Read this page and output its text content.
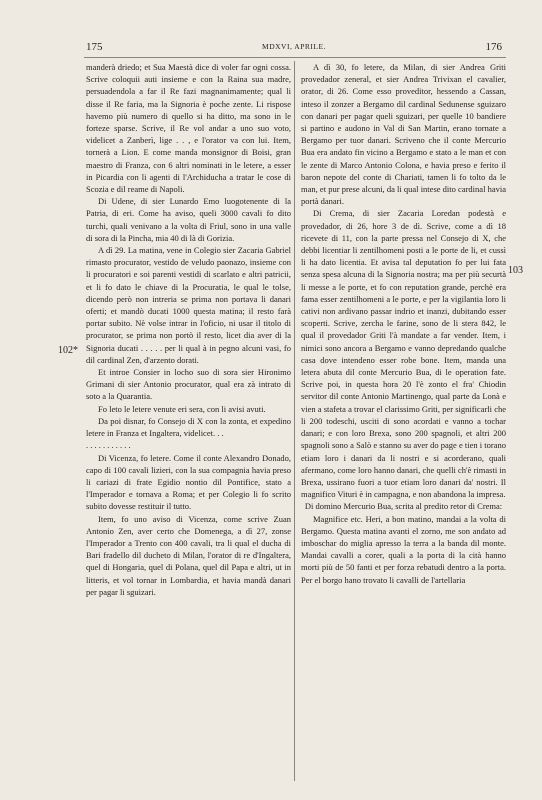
175	MDXVI, APRILE.	176
102*
103

manderà driedo; et Sua Maestà dice di voler far ogni cossa. Scrive coloquii auti insieme e con la Raina sua madre, persuadendola a far il Re fazi magnanimamente; qual li disse il Re faria, ma la Signoria è poche zente. Li rispose havemo più numero di quello si ha ditto, ma sono in le forteze sparse. Scrive, il Re vol andar a uno suo voto, videlicet a Zanberì, lige . . , e l'orator va con lui. Item, tornerà a Lion. E come manda monsignor di Boisi, gran maestro di Franza, con 6 altri nominati in le letere, a esser in Picardia con li agenti di l'Archiducha a tratar le cose di Scozia e dil reame di Napoli.

Di Udene, di sier Lunardo Emo luogotenente di la Patria, di eri. Come ha aviso, queli 3000 cavali fo dito turchi, quali venivano a la volta di Friul, sono in una valle di sora di la Pincha, mia 40 di là di Gorizia.

A dì 29. La matina, vene in Colegio sier Zacaria Gabriel rimasto procurator, vestido de veludo paonazo, insieme con li procuratori e soi parenti vestidi di scarlato e altri patricii, et li fo dato le chiave di la Procuratia, le qual le tolse, dicendo però non intreria se prima non portava li danari oferti; et mandò ducati 1000 questa matina; il resto farà portar subito. Nè volse intrar in l'oficio, ni usar il titolo di procurator, se prima non portò il resto, licet dia aver di la Signoria ducati . . . . . per li qual à in pegno alcuni vasi, fo dil cardinal Zen, d'arzento dorati.

Et introe Consier in locho suo di sora sier Hironimo Grimani di sier Antonio procurator, qual era zà intrato di soto a la Quarantia.

Fo leto le letere venute eri sera, con li avisi avuti.

Da poi disnar, fo Consejo di X con la zonta, et expedino letere in Franza et Ingaltera, videlicet. . .

. . . . . . . . . . .

Di Vicenza, fo letere. Come il conte Alexandro Donado, capo di 100 cavali lizieri, con la sua compagnia havia preso li cariazi di frate Egidio nontio dil Pontifice, stato a l'Imperador e tornava a Roma; et per Colegio li fo scrito subito dovesse restituir il tutto.

Item, fo uno aviso di Vicenza, come scrive Zuan Antonio Zen, aver certo che Domenega, a dì 27, zonse l'Imperador a Trento con 400 cavali, tra li qual el ducha di Bari fradello dil ducheto di Milan, l'orator di re d'Ingaltera, quel di Hongaria, quel di Polana, quel dil Papa e altri, ut in litteris, et vol tornar in Lombardia, et havia mandà danari per pagar li sguizari.

A dì 30, fo letere, da Milan, di sier Andrea Griti provedador zeneral, et sier Andrea Trivixan el cavalier, orator, di 26. Come esso proveditor, hessendo a Cassan, inteso il zonzer a Bergamo dil cardinal Sedunense sguizaro con danari per pagar queli sguizari, per quelle 10 bandiere si partino e audono in Val di San Martin, erano tornate a Bergamo per tuor danari. Scriveno che il conte Mercurio Bua era andato fin vicino a Bergamo e stato a le man et con le zente di Marco Antonio Colona, e havia preso e ferito il baron nepote del conte di Chariati, tamen li fo tolto da le man, et pur prese alcuni, da li qual intese dito cardinal havia portà danari.

Di Crema, di sier Zacaria Loredan podestà e provedador, di 26, hore 3 de dì. Scrive, come a dì 18 ricevete di 11, con la parte pressa nel Consejo di X, che debbi licentiar li zentilhomeni posti a le porte de li, et cussì li ha dato licentia. Et avisa tal deputation fo per lui fata senza spesa alcuna di la Signoria nostra; ma per più securtà li messe a le porte, et fo con reputation grande, perchè era fama esser zentilhomeni a le porte, e per la vigilantia loro li cativi non ardivano passar indrio et inanzi, dubitando esser scoperti. Scrive, zercha le farine, sono de li stera 842, le qual il provedador Griti l'à mandate a far vender. Item, i nimici sono ancora a Bergamo e vanno depredando qualche casa dove intendeno esser robe bone. Item, manda una letera abuta dil conte Mercurio Bua, di le operation fate. Scrive poi, in questa hora 20 l'è zonto el fra' Chiodin servitor dil conte Antonio Martinengo, qual parte da Lonà e vien a stafeta a trovar el clarissimo Griti, per significarli che li 200 todeschi, usciti di sono acordati e vanno a tochar danari; e con loro Brexa, sono 200 spagnoli, et altri 200 spagnoli sono a Salò e stanno su aver do page e tien i torano etiam loro i danari da li nostri e si acorderano, quali afermano, come loro hanno danari, che quelli ch'è rimasti in Brexa, ussirano fuori a tuor etiam loro danari da' nostri. Il magnifico Vituri è in campagna, e non abandona la impresa.

Di domino Mercurio Bua, scrita al predito retor di Crema:

Magnifice etc. Heri, a bon matino, mandai a la volta di Bergamo. Questa matina avanti el zorno, me son andato ad imboschar do miglia apresso la terra a la banda dil monte. Mandai cavalli a corer, quali a la porta di la cità hanno morti più de 50 fanti et per forza rebatudi dentro a la porta. Per el borgo hano trovato li cavalli de l'artellaria
